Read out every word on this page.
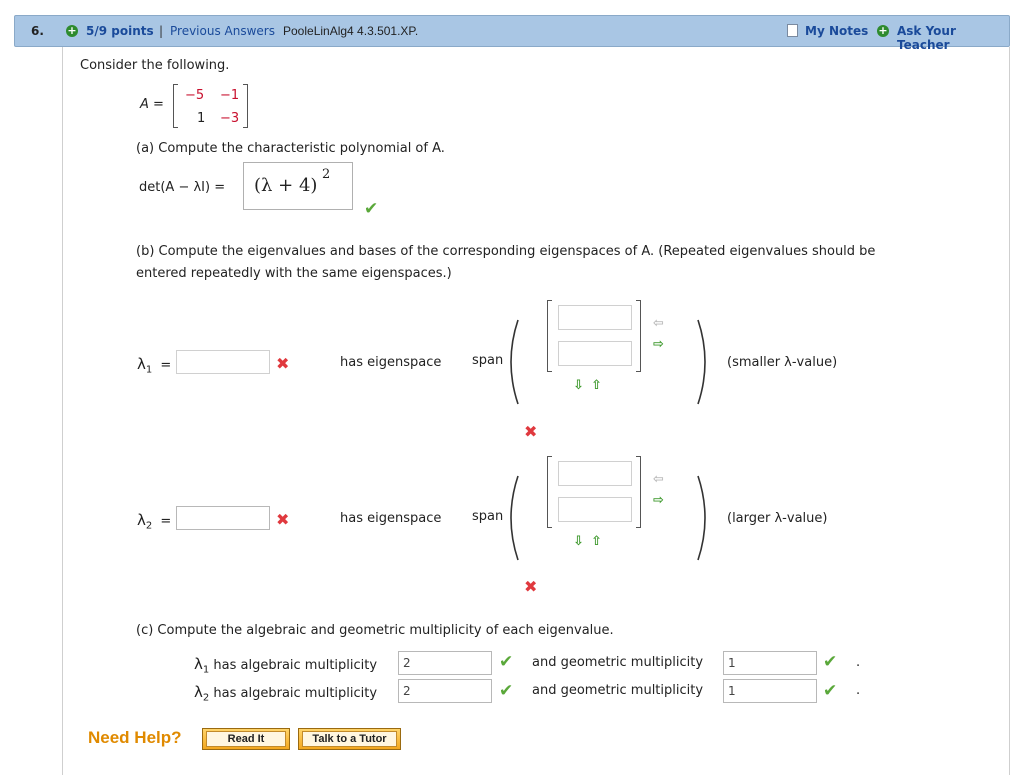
6. + 5/9 points | Previous Answers PooleLinAlg4 4.3.501.XP.	My Notes + Ask Your Teacher
Consider the following.
A =
−5 −1
1 −3
(a) Compute the characteristic polynomial of A.
det(A − λI) = (λ + 4)
2
✔
(b) Compute the eigenvalues and bases of the corresponding eigenspaces of A. (Repeated eigenvalues should be
entered repeatedly with the same eigenspaces.)
$\lambda_1$ =	✖	has eigenspace span
⇦
⇨
⇩ ⇧
(smaller λ-value)
✖
$\lambda_2$ =	✖	has eigenspace span
⇦
⇨
⇩ ⇧
(larger λ-value)
✖
(c) Compute the algebraic and geometric multiplicity of each eigenvalue.
$\lambda_1$ has algebraic multiplicity	2	✔ and geometric multiplicity	1	✔ .
$\lambda_2$ has algebraic multiplicity	2	✔ and geometric multiplicity	1	✔ .
Need Help?	Read It	Talk to a Tutor
